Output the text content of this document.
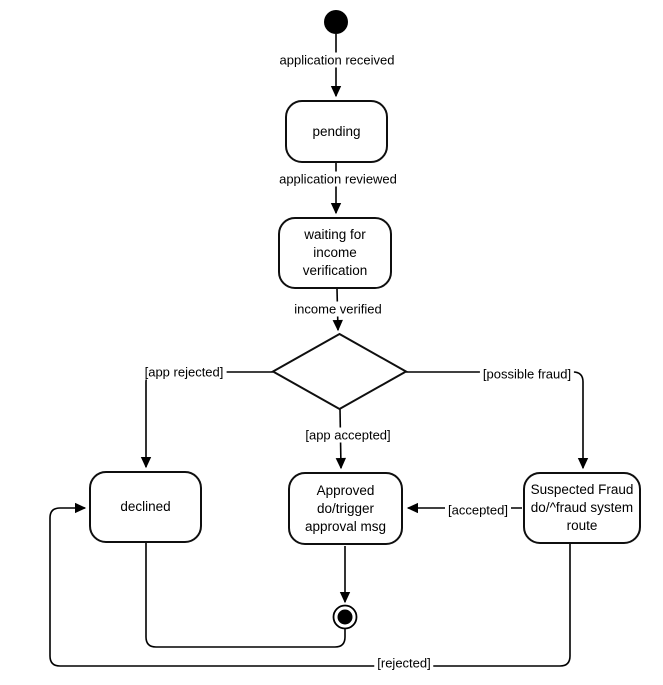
pending
waiting for
income
verification
declined
Approved
do/trigger
approval msg
Suspected Fraud
do/^fraud system
route
application received
application reviewed
income verified
[app rejected]	[possible fraud]
[app accepted]
[accepted]
[rejected]
